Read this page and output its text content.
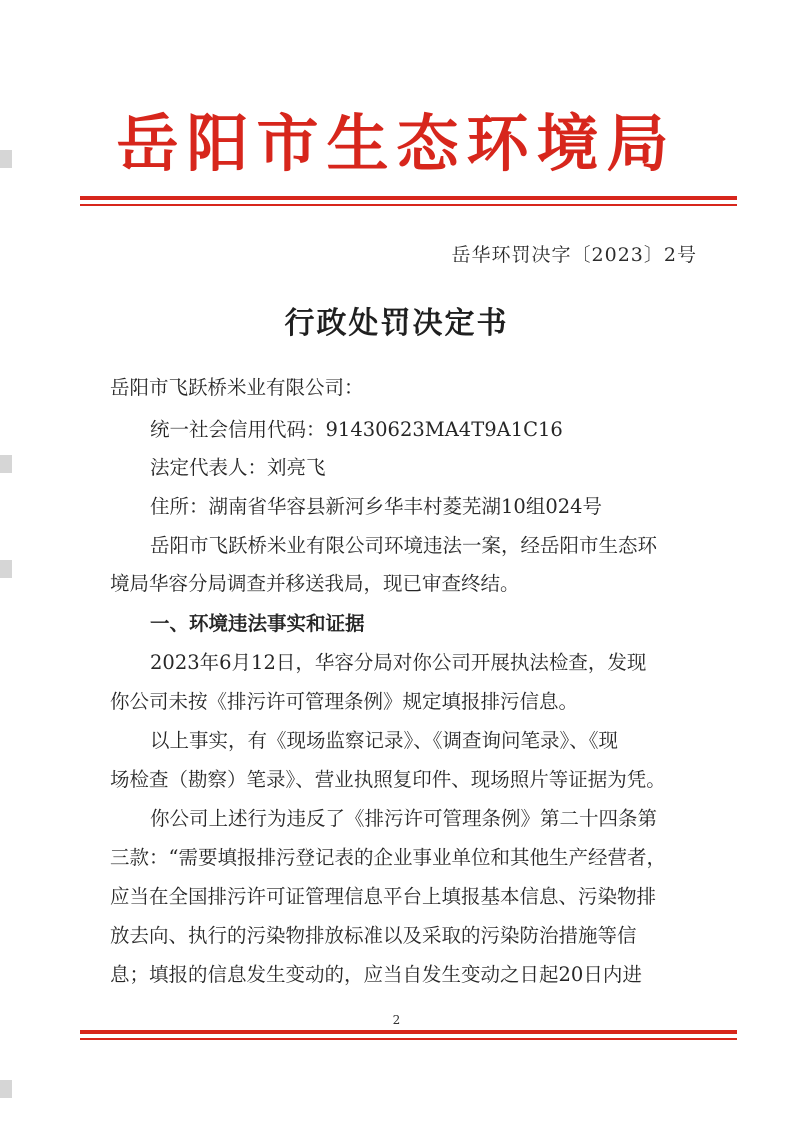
岳阳市生态环境局
岳华环罚决字〔2023〕2号
行政处罚决定书
岳阳市飞跃桥米业有限公司：
统一社会信用代码：91430623MA4T9A1C16
法定代表人：刘亮飞
住所：湖南省华容县新河乡华丰村菱芜湖10组024号
岳阳市飞跃桥米业有限公司环境违法一案，经岳阳市生态环
境局华容分局调查并移送我局，现已审查终结。
一、环境违法事实和证据
2023年6月12日，华容分局对你公司开展执法检查，发现
你公司未按《排污许可管理条例》规定填报排污信息。
以上事实，有《现场监察记录》、《调查询问笔录》、《现
场检查（勘察）笔录》、营业执照复印件、现场照片等证据为凭。
你公司上述行为违反了《排污许可管理条例》第二十四条第
三款：“需要填报排污登记表的企业事业单位和其他生产经营者，
应当在全国排污许可证管理信息平台上填报基本信息、污染物排
放去向、执行的污染物排放标准以及采取的污染防治措施等信
息；填报的信息发生变动的，应当自发生变动之日起20日内进
2
